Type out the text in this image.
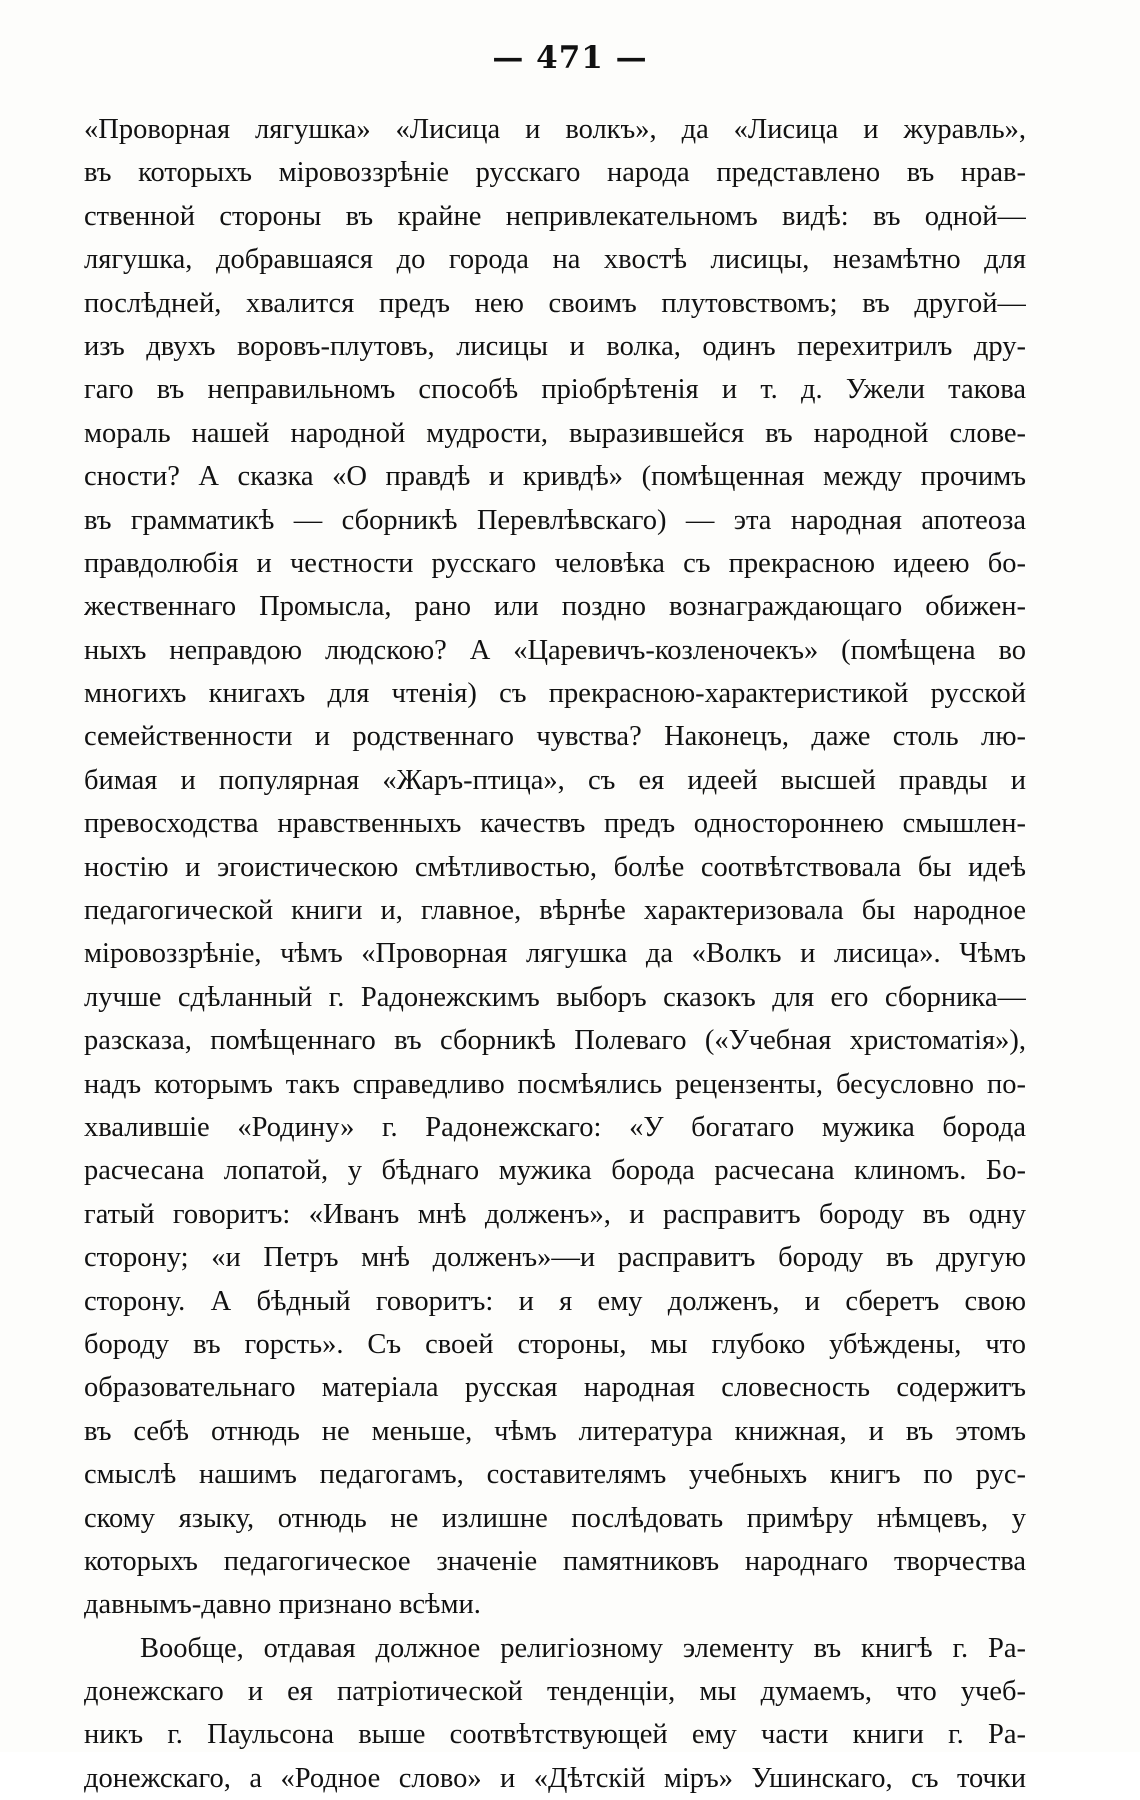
— 471 —
«Проворная лягушка» «Лисица и волкъ», да «Лисица и журавль»,
въ которыхъ міровоззрѣніе русскаго народа представлено въ нрав-
ственной стороны въ крайне непривлекательномъ видѣ: въ одной—
лягушка, добравшаяся до города на хвостѣ лисицы, незамѣтно для
послѣдней, хвалится предъ нею своимъ плутовствомъ; въ другой—
изъ двухъ воровъ-плутовъ, лисицы и волка, одинъ перехитрилъ дру-
гаго въ неправильномъ способѣ пріобрѣтенія и т. д. Ужели такова
мораль нашей народной мудрости, выразившейся въ народной слове-
сности? А сказка «О правдѣ и кривдѣ» (помѣщенная между прочимъ
въ грамматикѣ — сборникѣ Перевлѣвскаго) — эта народная апотеоза
правдолюбія и честности русскаго человѣка съ прекрасною идеею бо-
жественнаго Промысла, рано или поздно вознаграждающаго обижен-
ныхъ неправдою людскою? А «Царевичъ-козленочекъ» (помѣщена во
многихъ книгахъ для чтенія) съ прекрасною-характеристикой русской
семейственности и родственнаго чувства? Наконецъ, даже столь лю-
бимая и популярная «Жаръ-птица», съ ея идеей высшей правды и
превосходства нравственныхъ качествъ предъ одностороннею смышлен-
ностію и эгоистическою смѣтливостью, болѣе соотвѣтствовала бы идеѣ
педагогической книги и, главное, вѣрнѣе характеризовала бы народное
міровоззрѣніе, чѣмъ «Проворная лягушка да «Волкъ и лисица». Чѣмъ
лучше сдѣланный г. Радонежскимъ выборъ сказокъ для его сборника—
разсказа, помѣщеннаго въ сборникѣ Полеваго («Учебная христоматія»),
надъ которымъ такъ справедливо посмѣялись рецензенты, бесусловно по-
хвалившіе «Родину» г. Радонежскаго: «У богатаго мужика борода
расчесана лопатой, у бѣднаго мужика борода расчесана клиномъ. Бо-
гатый говоритъ: «Иванъ мнѣ долженъ», и расправитъ бороду въ одну
сторону; «и Петръ мнѣ долженъ»—и расправитъ бороду въ другую
сторону. А бѣдный говоритъ: и я ему долженъ, и сберетъ свою
бороду въ горсть». Съ своей стороны, мы глубоко убѣждены, что
образовательнаго матеріала русская народная словесность содержитъ
въ себѣ отнюдь не меньше, чѣмъ литература книжная, и въ этомъ
смыслѣ нашимъ педагогамъ, составителямъ учебныхъ книгъ по рус-
скому языку, отнюдь не излишне послѣдовать примѣру нѣмцевъ, у
которыхъ педагогическое значеніе памятниковъ народнаго творчества
давнымъ-давно признано всѣми.
Вообще, отдавая должное религіозному элементу въ книгѣ г. Ра-
донежскаго и ея патріотической тенденціи, мы думаемъ, что учеб-
никъ г. Паульсона выше соотвѣтствующей ему части книги г. Ра-
донежскаго, а «Родное слово» и «Дѣтскій міръ» Ушинскаго, съ точки
